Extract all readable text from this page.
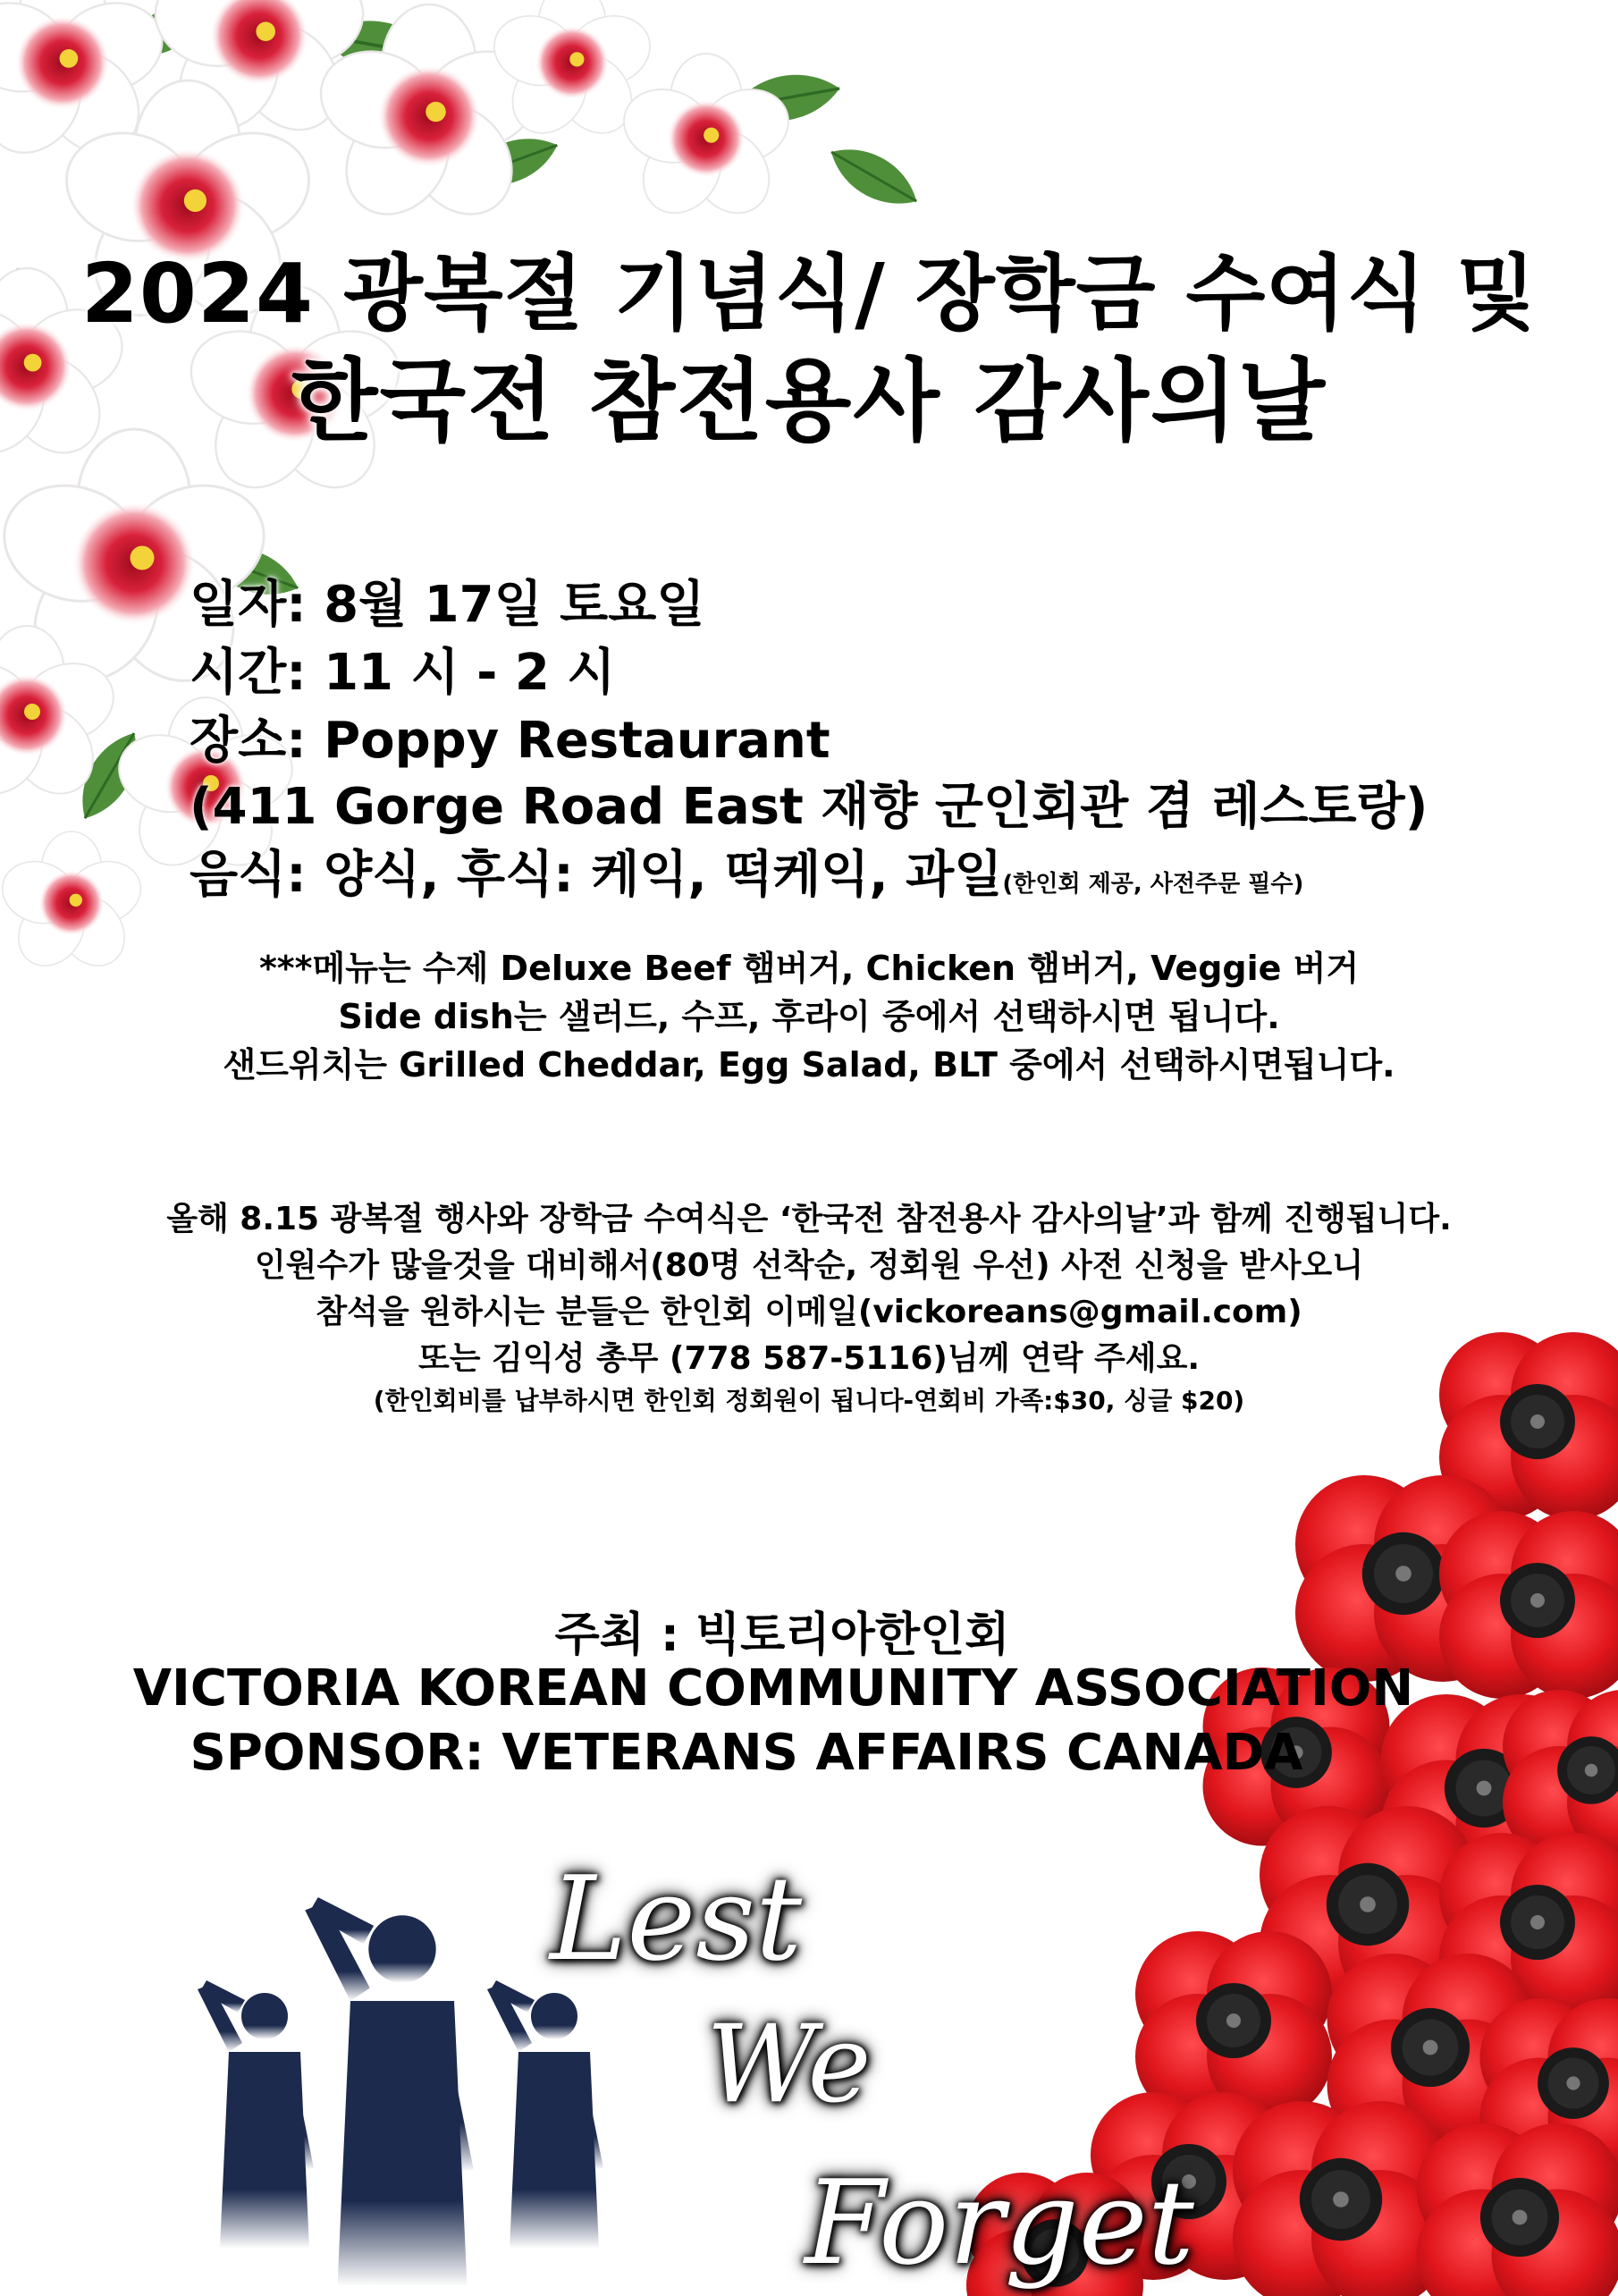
2024 광복절 기념식/ 장학금 수여식 및
한국전 참전용사 감사의날
일자: 8월 17일 토요일
시간: 11 시 - 2 시
장소: Poppy Restaurant
(411 Gorge Road East 재향 군인회관 겸 레스토랑)
음식: 양식, 후식: 케익, 떡케익, 과일(한인회 제공, 사전주문 필수)
***메뉴는 수제 Deluxe Beef 햄버거, Chicken 햄버거, Veggie 버거
Side dish는 샐러드, 수프, 후라이 중에서 선택하시면 됩니다.
샌드위치는 Grilled Cheddar, Egg Salad, BLT 중에서 선택하시면됩니다.
올해 8.15 광복절 행사와 장학금 수여식은 ‘한국전 참전용사 감사의날’과 함께 진행됩니다.
인원수가 많을것을 대비해서(80명 선착순, 정회원 우선) 사전 신청을 받사오니
참석을 원하시는 분들은 한인회 이메일(vickoreans@gmail.com)
또는 김익성 총무 (778 587-5116)님께 연락 주세요.
(한인회비를 납부하시면 한인회 정회원이 됩니다-연회비 가족:$30, 싱글 $20)
주최 : 빅토리아한인회
VICTORIA KOREAN COMMUNITY ASSOCIATION
SPONSOR: VETERANS AFFAIRS CANADA
Lest
We
Forget
